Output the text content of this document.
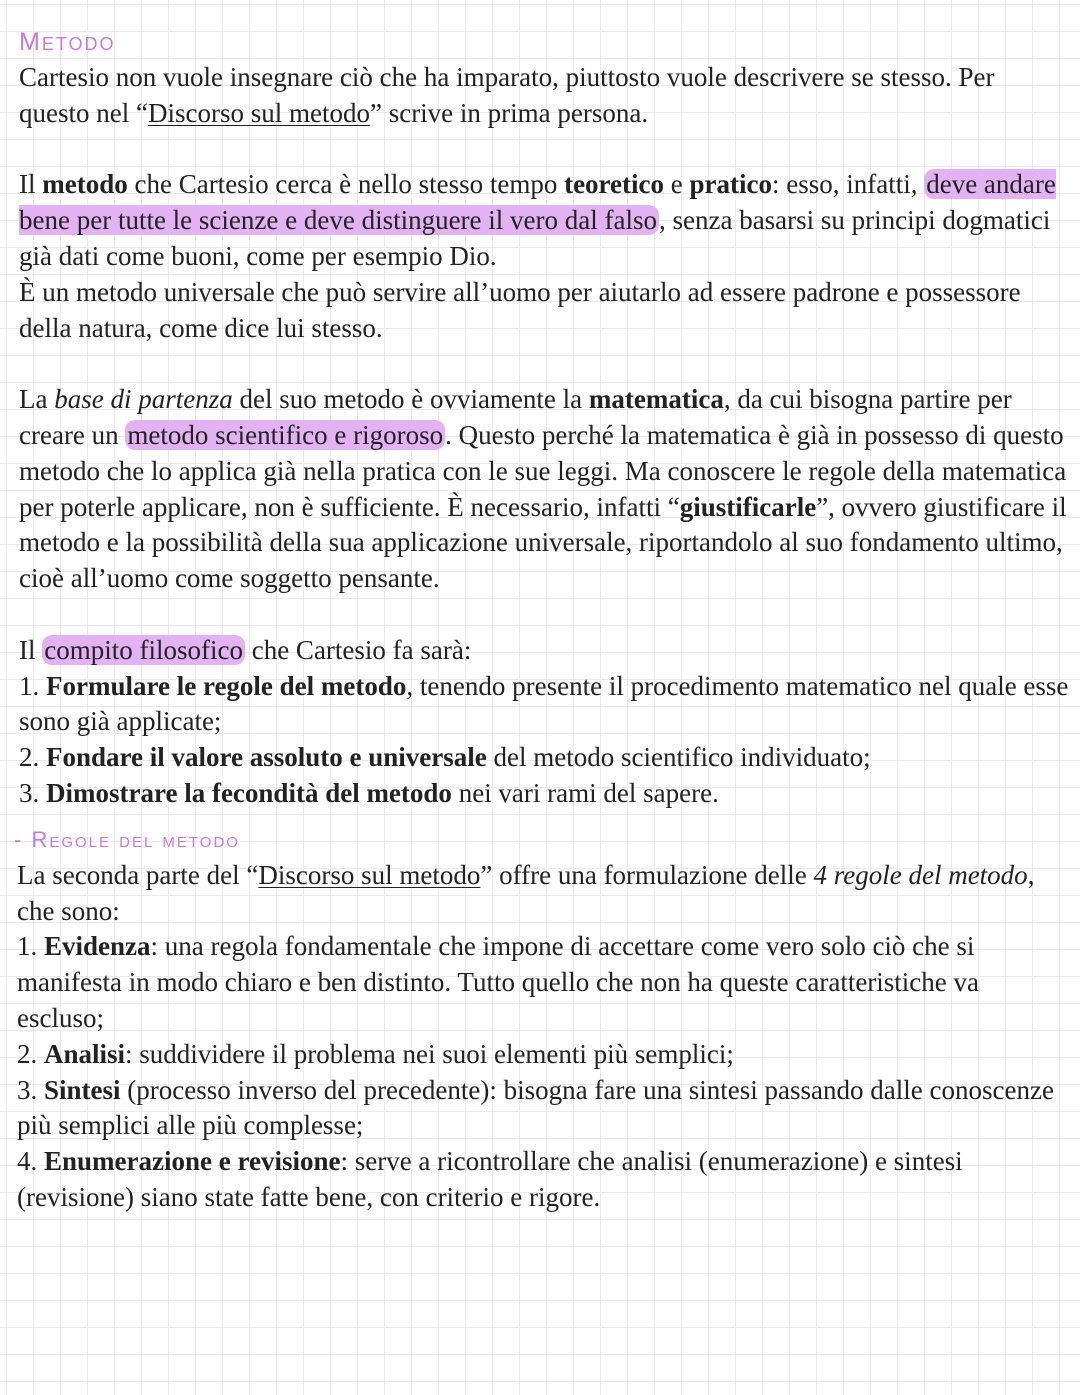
Metodo

Cartesio non vuole insegnare ciò che ha imparato, piuttosto vuole descrivere se stesso. Per questo nel “Discorso sul metodo” scrive in prima persona.

Il metodo che Cartesio cerca è nello stesso tempo teoretico e pratico: esso, infatti, deve andare bene per tutte le scienze e deve distinguere il vero dal falso, senza basarsi su principi dogmatici già dati come buoni, come per esempio Dio.

È un metodo universale che può servire all’uomo per aiutarlo ad essere padrone e possessore della natura, come dice lui stesso.

La base di partenza del suo metodo è ovviamente la matematica, da cui bisogna partire per creare un metodo scientifico e rigoroso. Questo perché la matematica è già in possesso di questo metodo che lo applica già nella pratica con le sue leggi. Ma conoscere le regole della matematica per poterle applicare, non è sufficiente. È necessario, infatti “giustificarle”, ovvero giustificare il metodo e la possibilità della sua applicazione universale, riportandolo al suo fondamento ultimo, cioè all’uomo come soggetto pensante.

Il compito filosofico che Cartesio fa sarà:

1. Formulare le regole del metodo, tenendo presente il procedimento matematico nel quale esse sono già applicate;

2. Fondare il valore assoluto e universale del metodo scientifico individuato;

3. Dimostrare la fecondità del metodo nei vari rami del sapere.

- Regole del metodo

La seconda parte del “Discorso sul metodo” offre una formulazione delle 4 regole del metodo, che sono:

1. Evidenza: una regola fondamentale che impone di accettare come vero solo ciò che si manifesta in modo chiaro e ben distinto. Tutto quello che non ha queste caratteristiche va escluso;

2. Analisi: suddividere il problema nei suoi elementi più semplici;

3. Sintesi (processo inverso del precedente): bisogna fare una sintesi passando dalle conoscenze più semplici alle più complesse;

4. Enumerazione e revisione: serve a ricontrollare che analisi (enumerazione) e sintesi (revisione) siano state fatte bene, con criterio e rigore.
